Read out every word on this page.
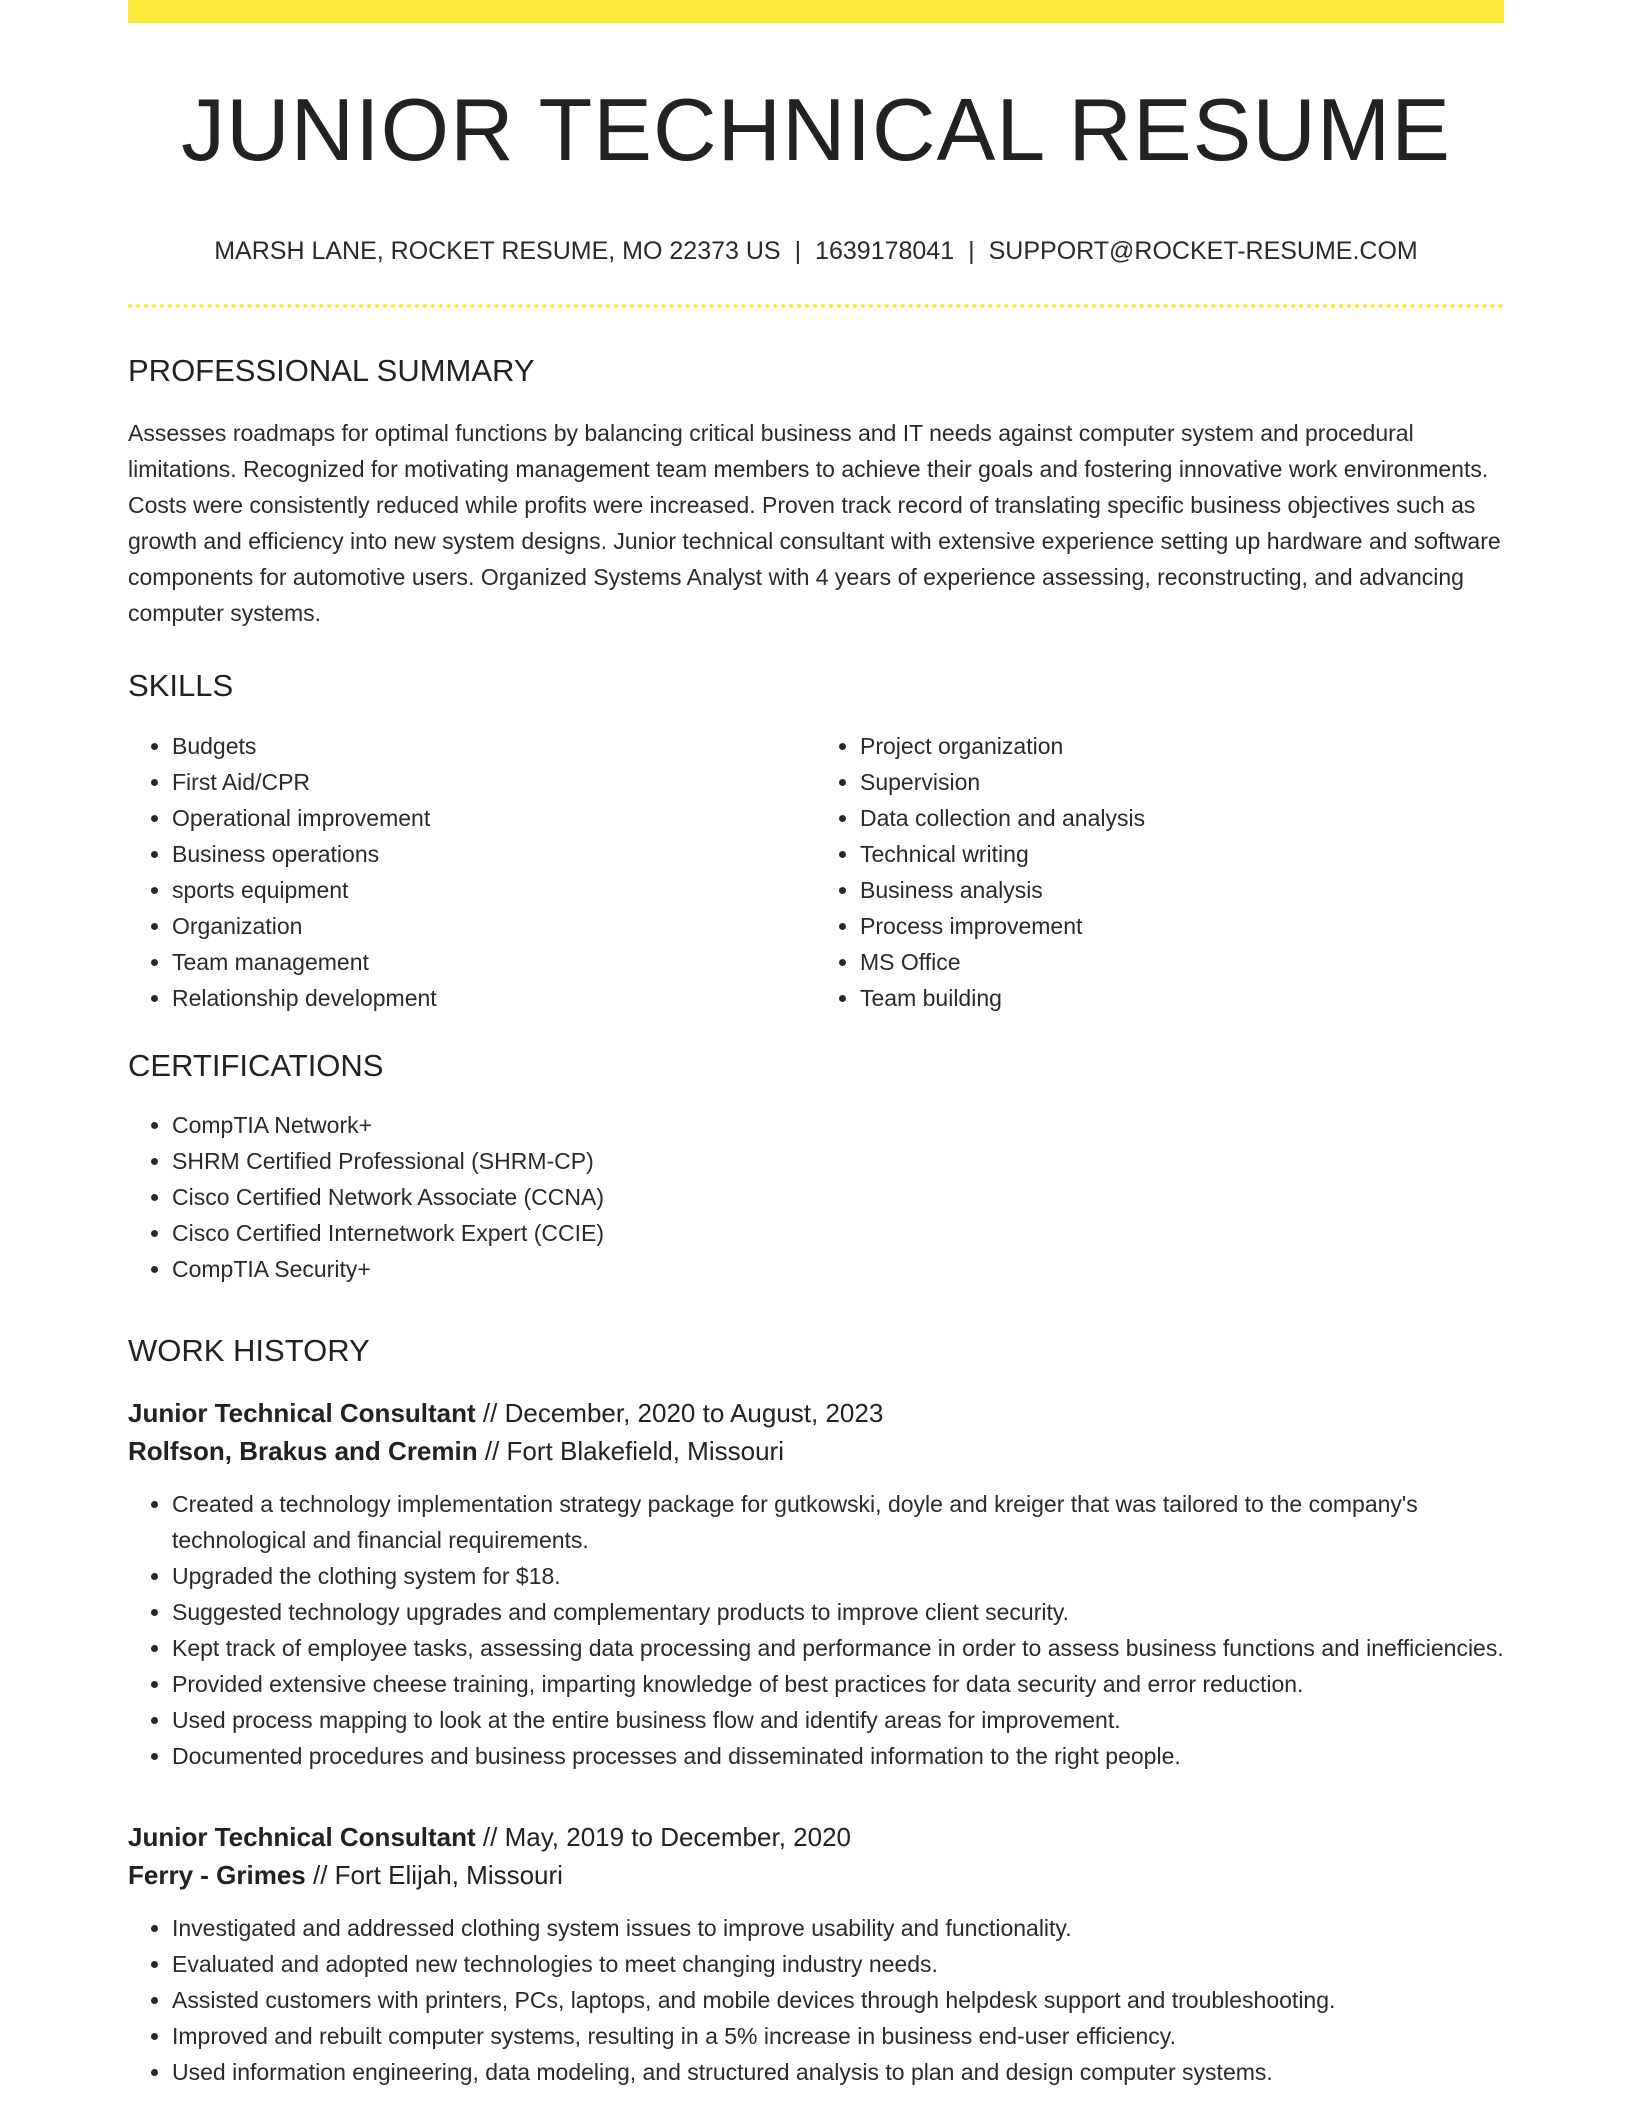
JUNIOR TECHNICAL RESUME
MARSH LANE, ROCKET RESUME, MO 22373 US | 1639178041 | SUPPORT@ROCKET-RESUME.COM
PROFESSIONAL SUMMARY

Assesses roadmaps for optimal functions by balancing critical business and IT needs against computer system and procedural limitations. Recognized for motivating management team members to achieve their goals and fostering innovative work environments. Costs were consistently reduced while profits were increased. Proven track record of translating specific business objectives such as growth and efficiency into new system designs. Junior technical consultant with extensive experience setting up hardware and software components for automotive users. Organized Systems Analyst with 4 years of experience assessing, reconstructing, and advancing computer systems.

SKILLS
• Budgets
• First Aid/CPR
• Operational improvement
• Business operations
• sports equipment
• Organization
• Team management
• Relationship development
• Project organization
• Supervision
• Data collection and analysis
• Technical writing
• Business analysis
• Process improvement
• MS Office
• Team building
CERTIFICATIONS
• CompTIA Network+
• SHRM Certified Professional (SHRM-CP)
• Cisco Certified Network Associate (CCNA)
• Cisco Certified Internetwork Expert (CCIE)
• CompTIA Security+
WORK HISTORY
Junior Technical Consultant // December, 2020 to August, 2023
Rolfson, Brakus and Cremin // Fort Blakefield, Missouri
• Created a technology implementation strategy package for gutkowski, doyle and kreiger that was tailored to the company's technological and financial requirements.
• Upgraded the clothing system for $18.
• Suggested technology upgrades and complementary products to improve client security.
• Kept track of employee tasks, assessing data processing and performance in order to assess business functions and inefficiencies.
• Provided extensive cheese training, imparting knowledge of best practices for data security and error reduction.
• Used process mapping to look at the entire business flow and identify areas for improvement.
• Documented procedures and business processes and disseminated information to the right people.
Junior Technical Consultant // May, 2019 to December, 2020
Ferry - Grimes // Fort Elijah, Missouri
• Investigated and addressed clothing system issues to improve usability and functionality.
• Evaluated and adopted new technologies to meet changing industry needs.
• Assisted customers with printers, PCs, laptops, and mobile devices through helpdesk support and troubleshooting.
• Improved and rebuilt computer systems, resulting in a 5% increase in business end-user efficiency.
• Used information engineering, data modeling, and structured analysis to plan and design computer systems.
